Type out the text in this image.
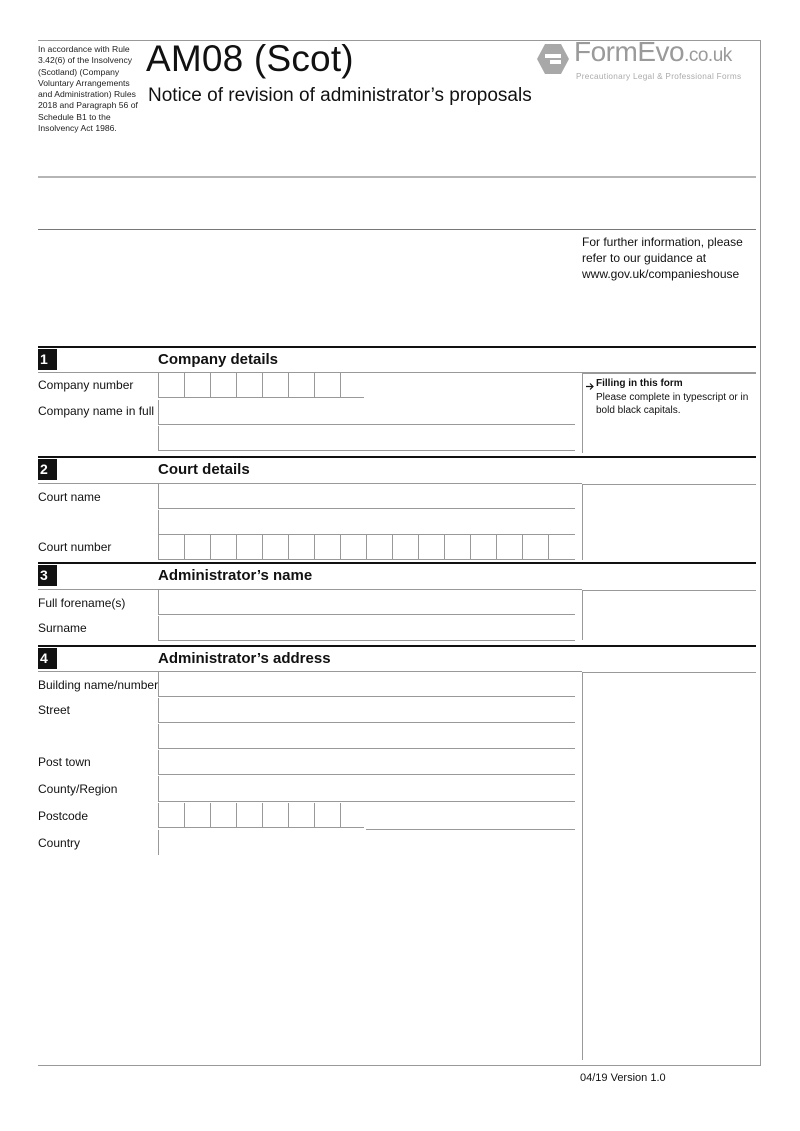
In accordance with Rule 3.42(6) of the Insolvency (Scotland) (Company Voluntary Arrangements and Administration) Rules 2018 and Paragraph 56 of Schedule B1 to the Insolvency Act 1986.
AM08 (Scot)
Notice of revision of administrator’s proposals
FormEvo.co.uk
Precautionary Legal & Professional Forms
For further information, please refer to our guidance at www.gov.uk/companieshouse
1	Company details
Company number
Company name in full
Filling in this form
Please complete in typescript or in bold black capitals.
2	Court details
Court name
Court number
3	Administrator’s name
Full forename(s)
Surname
4	Administrator’s address
Building name/number
Street
Post town
County/Region
Postcode
Country
04/19 Version 1.0
